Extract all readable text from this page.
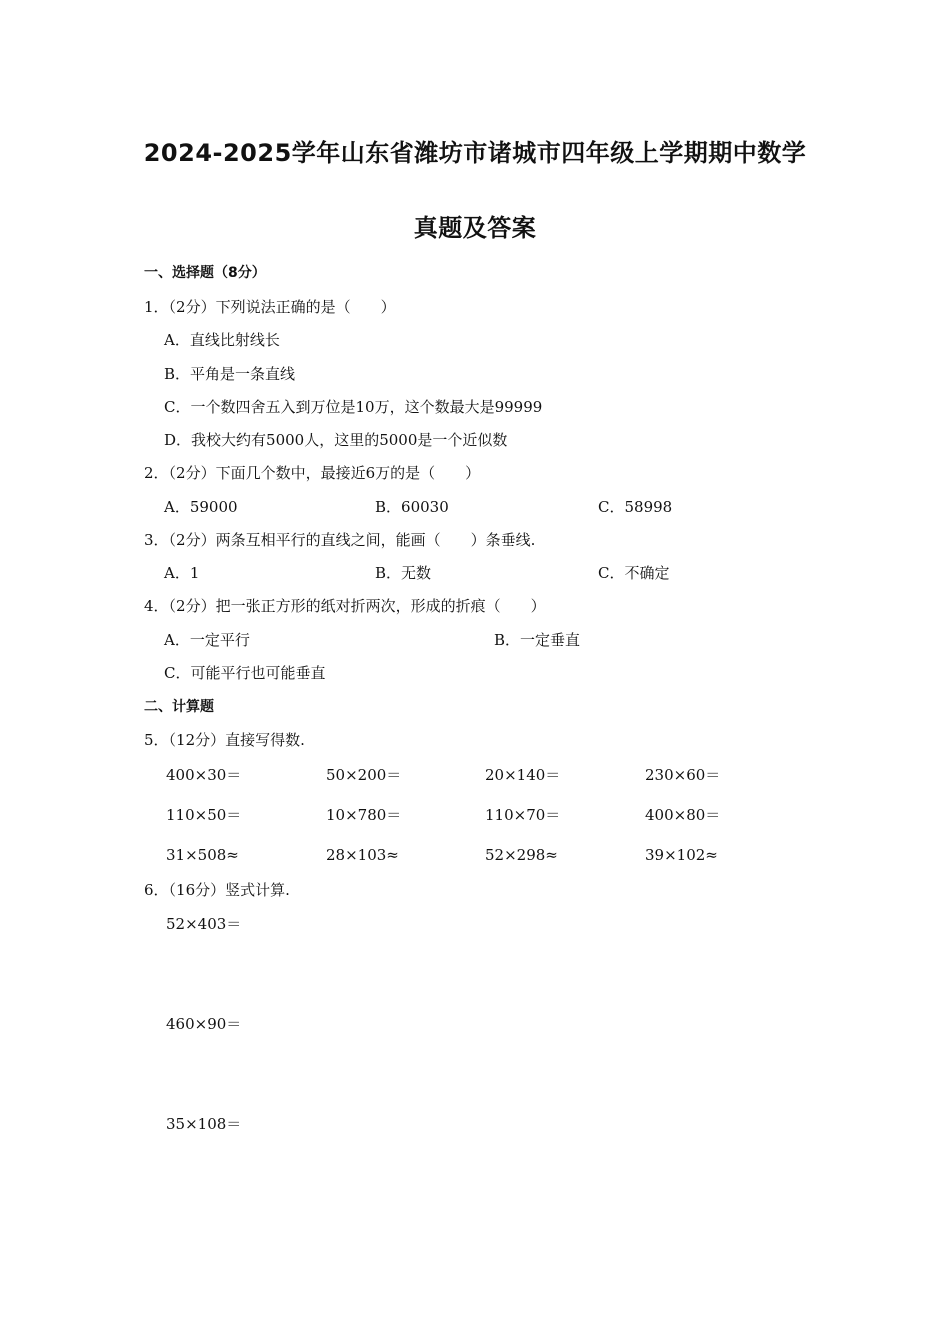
2024-2025学年山东省潍坊市诸城市四年级上学期期中数学
真题及答案
一、选择题（8分）
1．（2分）下列说法正确的是（　　）
A．直线比射线长
B．平角是一条直线
C．一个数四舍五入到万位是10万，这个数最大是99999
D．我校大约有5000人，这里的5000是一个近似数
2．（2分）下面几个数中，最接近6万的是（　　）
A．59000	B．60030	C．58998
3．（2分）两条互相平行的直线之间，能画（　　）条垂线.
A．1	B．无数	C．不确定
4．（2分）把一张正方形的纸对折两次，形成的折痕（　　）
A．一定平行	B．一定垂直
C．可能平行也可能垂直
二、计算题
5．（12分）直接写得数.
400×30＝	50×200＝	20×140＝	230×60＝
110×50＝	10×780＝	110×70＝	400×80＝
31×508≈	28×103≈	52×298≈	39×102≈
6．（16分）竖式计算.
52×403＝
460×90＝
35×108＝
